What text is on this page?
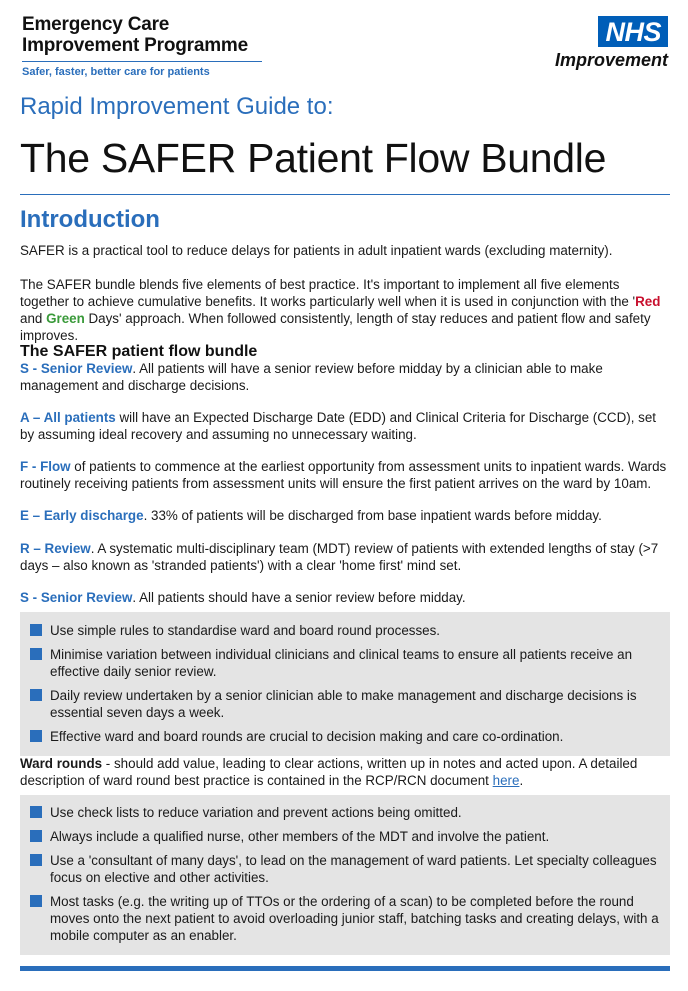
Emergency Care
Improvement Programme
Safer, faster, better care for patients
NHS
Improvement
Rapid Improvement Guide to:
The SAFER Patient Flow Bundle
Introduction
SAFER is a practical tool to reduce delays for patients in adult inpatient wards (excluding maternity).
The SAFER bundle blends five elements of best practice. It's important to implement all five elements together to achieve cumulative benefits. It works particularly well when it is used in conjunction with the 'Red and Green Days' approach. When followed consistently, length of stay reduces and patient flow and safety improves.
The SAFER patient flow bundle
S - Senior Review. All patients will have a senior review before midday by a clinician able to make management and discharge decisions.
A – All patients will have an Expected Discharge Date (EDD) and Clinical Criteria for Discharge (CCD), set by assuming ideal recovery and assuming no unnecessary waiting.
F - Flow of patients to commence at the earliest opportunity from assessment units to inpatient wards. Wards routinely receiving patients from assessment units will ensure the first patient arrives on the ward by 10am.
E – Early discharge. 33% of patients will be discharged from base inpatient wards before midday.
R – Review. A systematic multi-disciplinary team (MDT) review of patients with extended lengths of stay (>7 days – also known as 'stranded patients') with a clear 'home first' mind set.
S - Senior Review. All patients should have a senior review before midday.
Use simple rules to standardise ward and board round processes.
Minimise variation between individual clinicians and clinical teams to ensure all patients receive an effective daily senior review.
Daily review undertaken by a senior clinician able to make management and discharge decisions is essential seven days a week.
Effective ward and board rounds are crucial to decision making and care co-ordination.
Ward rounds - should add value, leading to clear actions, written up in notes and acted upon. A detailed description of ward round best practice is contained in the RCP/RCN document here.
Use check lists to reduce variation and prevent actions being omitted.
Always include a qualified nurse, other members of the MDT and involve the patient.
Use a 'consultant of many days', to lead on the management of ward patients. Let specialty colleagues focus on elective and other activities.
Most tasks (e.g. the writing up of TTOs or the ordering of a scan) to be completed before the round moves onto the next patient to avoid overloading junior staff, batching tasks and creating delays, with a mobile computer as an enabler.
